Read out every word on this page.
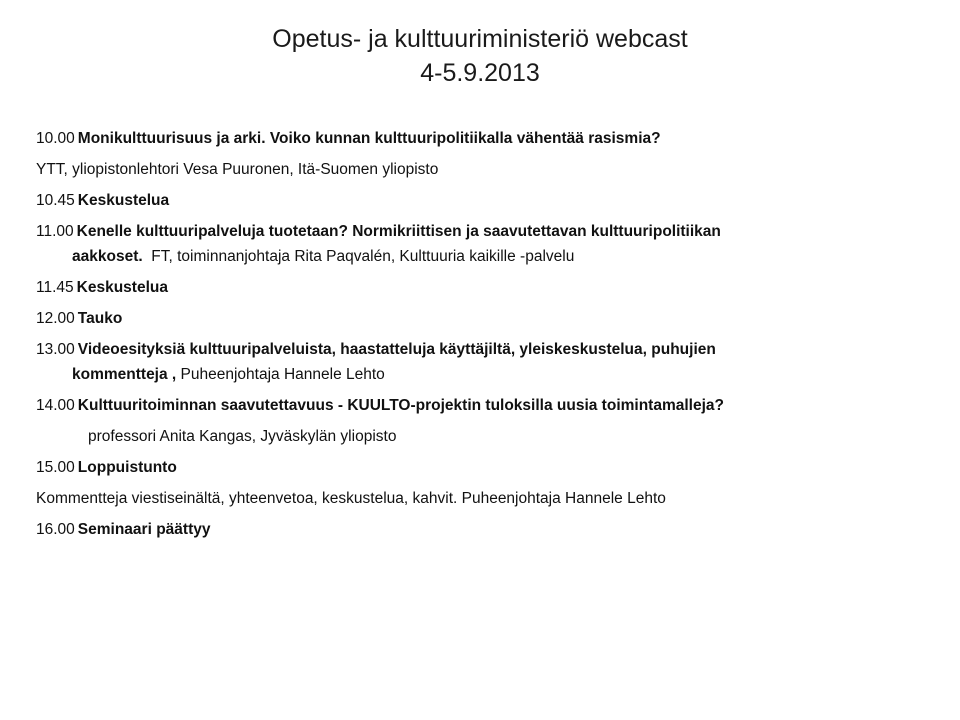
Opetus- ja kulttuuriministeriö webcast
4-5.9.2013
10.00 Monikulttuurisuus ja arki. Voiko kunnan kulttuuripolitiikalla vähentää rasismia?
YTT, yliopistonlehtori Vesa Puuronen, Itä-Suomen yliopisto
10.45 Keskustelua
11.00 Kenelle kulttuuripalveluja tuotetaan? Normikriittisen ja saavutettavan kulttuuripolitiikan
aakkoset. FT, toiminnanjohtaja Rita Paqvalén, Kulttuuria kaikille -palvelu
11.45 Keskustelua
12.00 Tauko
13.00 Videoesityksiä kulttuuripalveluista, haastatteluja käyttäjiltä, yleiskeskustelua, puhujien
kommentteja , Puheenjohtaja Hannele Lehto
14.00 Kulttuuritoiminnan saavutettavuus - KUULTO-projektin tuloksilla uusia toimintamalleja?
professori Anita Kangas, Jyväskylän yliopisto
15.00 Loppuistunto
Kommentteja viestiseinältä, yhteenvetoa, keskustelua, kahvit. Puheenjohtaja Hannele Lehto
16.00 Seminaari päättyy
